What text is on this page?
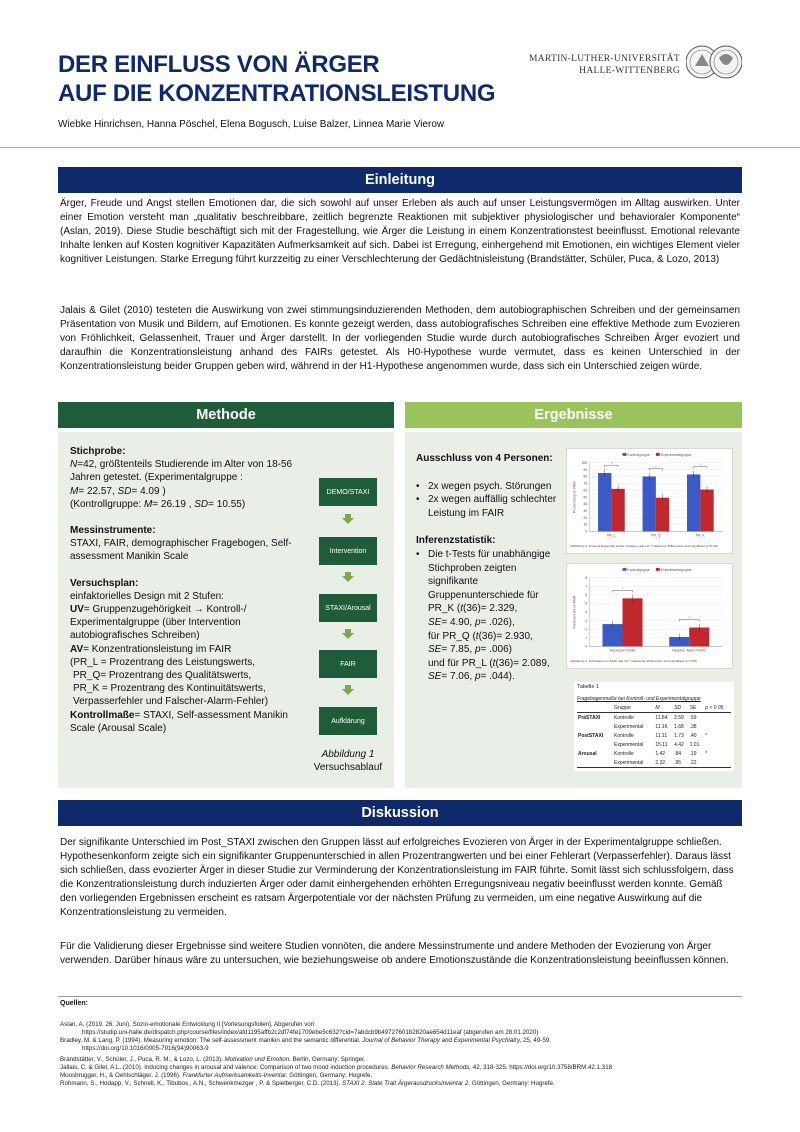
DER EINFLUSS VON ÄRGER
AUF DIE KONZENTRATIONSLEISTUNG
Wiebke Hinrichsen, Hanna Pöschel, Elena Bogusch, Luise Balzer, Linnea Marie Vierow
MARTIN-LUTHER-UNIVERSITÄT
HALLE-WITTENBERG
Einleitung
Ärger, Freude und Angst stellen Emotionen dar, die sich sowohl auf unser Erleben als auch auf unser Leistungsvermögen im Alltag auswirken. Unter einer Emotion versteht man „qualitativ beschreibbare, zeitlich begrenzte Reaktionen mit subjektiver physiologischer und behavioraler Komponente“ (Aslan, 2019). Diese Studie beschäftigt sich mit der Fragestellung, wie Ärger die Leistung in einem Konzentrationstest beeinflusst. Emotional relevante Inhalte lenken auf Kosten kognitiver Kapazitäten Aufmerksamkeit auf sich. Dabei ist Erregung, einhergehend mit Emotionen, ein wichtiges Element vieler kognitiver Leistungen. Starke Erregung führt kurzzeitig zu einer Verschlechterung der Gedächtnisleistung (Brandstätter, Schüler, Puca, & Lozo, 2013)
Jalais & Gilet (2010) testeten die Auswirkung von zwei stimmungsinduzierenden Methoden, dem autobiographischen Schreiben und der gemeinsamen Präsentation von Musik und Bildern, auf Emotionen. Es konnte gezeigt werden, dass autobiografisches Schreiben eine effektive Methode zum Evozieren von Fröhlichkeit, Gelassenheit, Trauer und Ärger darstellt. In der vorliegenden Studie wurde durch autobiografisches Schreiben Ärger evoziert und daraufhin die Konzentrationsleistung anhand des FAIRs getestet. Als H0-Hypothese wurde vermutet, dass es keinen Unterschied in der Konzentrationsleistung beider Gruppen geben wird, während in der H1-Hypothese angenommen wurde, dass sich ein Unterschied zeigen würde.
Methode
Stichprobe:
N=42, größtenteils Studierende im Alter von 18-56 Jahren getestet. (Experimentalgruppe :
M= 22.57, SD= 4.09 )
(Kontrollgruppe: M= 26.19 , SD= 10.55)
Messinstrumente:
STAXI, FAIR, demographischer Fragebogen, Self-assessment Manikin Scale
Versuchsplan:
einfaktorielles Design mit 2 Stufen:
UV= Gruppenzugehörigkeit → Kontroll-/ Experimentalgruppe (über Intervention autobiografisches Schreiben)
AV= Konzentrationsleistung im FAIR
(PR_L = Prozentrang des Leistungswerts,
PR_Q= Prozentrang des Qualitätswerts,
PR_K = Prozentrang des Kontinuitätswerts,
Verpasserfehler und Falscher-Alarm-Fehler)
Kontrollmaße= STAXI, Self-assessment Manikin Scale (Arousal Scale)
DEMO/STAXI
Intervention
STAXI/Arousal
FAIR
Aufklärung
Abbildung 1
Versuchsablauf
Ergebnisse
Ausschluss von 4 Personen:
• 2x wegen psych. Störungen
• 2x wegen auffällig schlechter Leistung im FAIR
Inferenzstatistik:
• Die t-Tests für unabhängige Stichproben zeigten signifikante Gruppenunterschiede für
PR_K (t(36)= 2.329,
SE= 4.90, p= .026),
für PR_Q (t(36)= 2.930,
SE= 7.85, p= .006)
und für PR_L (t(36)= 2.089,
SE= 7.06, p= .044).
Kontrollgruppe	Experimentalgruppe
0
10
20
30
40
50
60
70
80
90
100
Prozentrang im FAIR
PR_L
*
PR_Q
*
PR_K
*
Abbildung 2. Prozenträngemittel beider Gruppen, alle mit * markierten Differenzen sind signifikant (p<0.05)
Kontrollgruppe	Experimentalgruppe
0
1
2
3
4
5
6
7
8
Fehleranzahl im FAIR
Verpasser-Fehler
*
Falscher-Alarm-Fehler
*
Abbildung 3. Fehlerarten im FAIR, alle mit * markierten Differenzen sind signifikant (p<0.05)
Tabelle 1
Fragebogenmaße bei Kontroll- und Experimentalgruppe
	Gruppe	M	SD	SE	p < 0.05
PräSTAXI	Kontrolle	11.84	2.59	.59	
	Experimental	11.16	1.68	.38	
PostSTAXI	Kontrolle	11.11	1.73	.40	*
	Experimental	15.11	4.42	1.01	
Arousal	Kontrolle	1.42	.84	.19	*
	Experimental	2.32	.95	.22	
Diskussion
Der signifikante Unterschied im Post_STAXI zwischen den Gruppen lässt auf erfolgreiches Evozieren von Ärger in der Experimentalgruppe schließen. Hypothesenkonform zeigte sich ein signifikanter Gruppenunterschied in allen Prozentrangwerten und bei einer Fehlerart (Verpasserfehler). Daraus lässt sich schließen, dass evozierter Ärger in dieser Studie zur Verminderung der Konzentrationsleistung im FAIR führte. Somit lässt sich schlussfolgern, dass die Konzentrationsleistung durch induzierten Ärger oder damit einhergehenden erhöhten Erregungsniveau negativ beeinflusst werden konnte. Gemäß den vorliegenden Ergebnissen erscheint es ratsam Ärgerpotentiale vor der nächsten Prüfung zu vermeiden, um eine negative Auswirkung auf die Konzentrationsleistung zu vermeiden.
Für die Validierung dieser Ergebnisse sind weitere Studien vonnöten, die andere Messinstrumente und andere Methoden der Evozierung von Ärger verwenden. Darüber hinaus wäre zu untersuchen, wie beziehungsweise ob andere Emotionszustände die Konzentrationsleistung beeinflussen können.
Quellen:
Aslan, A. (2019, 26. Juni). Sozio-emotionale Entwicklung II [Vorlesungsfolien]. Abgerufen von
https://studip.uni-halle.de/dispatch.php/course/files/index/afd1195affb2c2df74fe1709ebe5c632?cid=7abdcb9b49727601b2820ae654d11eaf (abgerufen am 28.01.2020)
Bradley, M. & Lang, P. (1994). Measuring emotion: The self-assessment manikin and the semantic differential. Journal of Behavior Therapy and Experimental Psychiatry, 25, 49-59.
https://doi.org/10.1016/0005-7916(94)90063-9
Brandstätter, V., Schüler, J., Puca, R. M., & Lozo, L. (2013). Motivation und Emotion. Berlin, Germany: Springer.
Jallais, C. & Gilet, A.L. (2010). Inducing changes in arousal and valence: Comparison of two mood induction procedures. Behavior Research Methods, 42, 318-325. https://doi.org/10.3758/BRM.42.1.318
Moosbrugger, H., & Oehlschläger, J. (1996). Frankfurter Aufmerksamkeits-Inventar. Göttingen, Germany: Hogrefe.
Rohmann, S., Hodapp, V., Schnell, K., Tibubos , A.N., Schwenkmezger , P. & Spielberger, C.D. (2013). STAXI 2. State Trait Ärgerausdrucksinventar 2. Göttingen, Germany: Hogrefe.
